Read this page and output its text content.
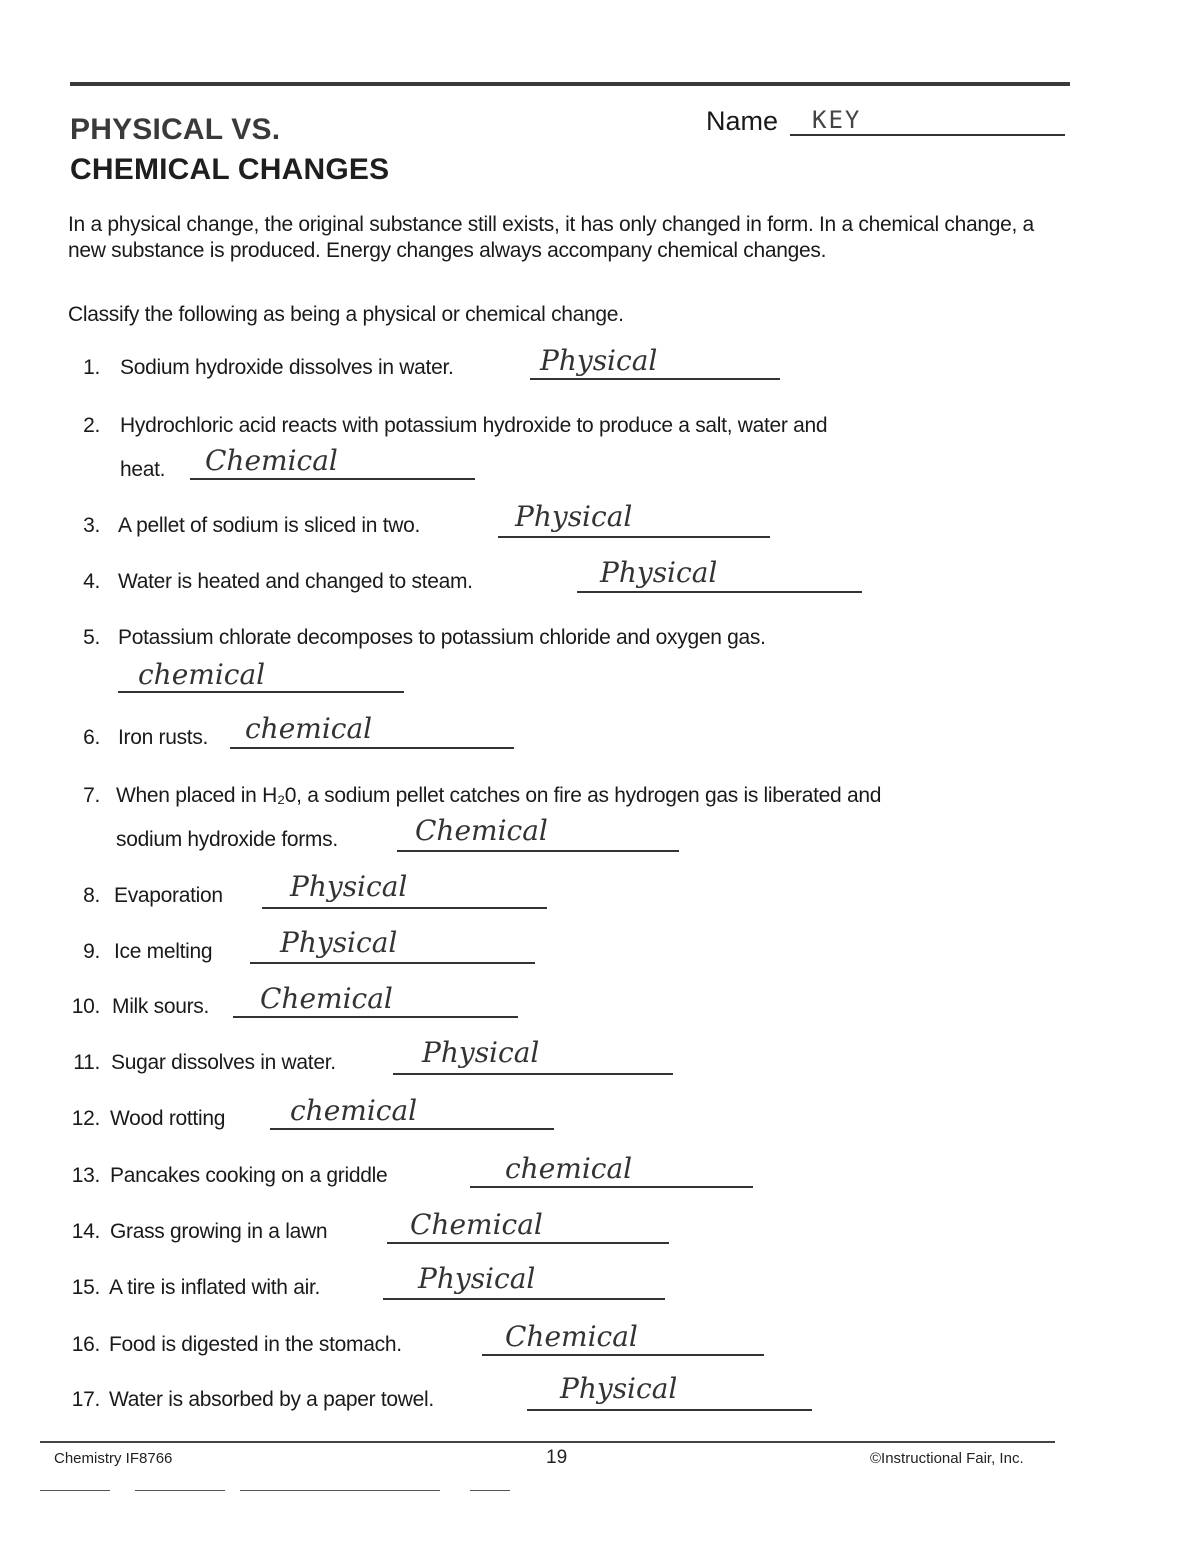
PHYSICAL VS.
CHEMICAL CHANGES
Name KEY
In a physical change, the original substance still exists, it has only changed in form. In a chemical change, a new substance is produced. Energy changes always accompany chemical changes.
Classify the following as being a physical or chemical change.
1. Sodium hydroxide dissolves in water.	Physical
2. Hydrochloric acid reacts with potassium hydroxide to produce a salt, water and
heat. Chemical
3. A pellet of sodium is sliced in two.	Physical
4. Water is heated and changed to steam.	Physical
5. Potassium chlorate decomposes to potassium chloride and oxygen gas.
chemical
6. Iron rusts. chemical
7. When placed in H₂0, a sodium pellet catches on fire as hydrogen gas is liberated and
sodium hydroxide forms.	Chemical
8. Evaporation Physical
9. Ice melting Physical
10. Milk sours. Chemical
11. Sugar dissolves in water.	Physical
12. Wood rotting chemical
13. Pancakes cooking on a griddle	chemical
14. Grass growing in a lawn	Chemical
15. A tire is inflated with air.	Physical
16. Food is digested in the stomach.	Chemical
17. Water is absorbed by a paper towel.	Physical
Chemistry IF8766	19	©Instructional Fair, Inc.
